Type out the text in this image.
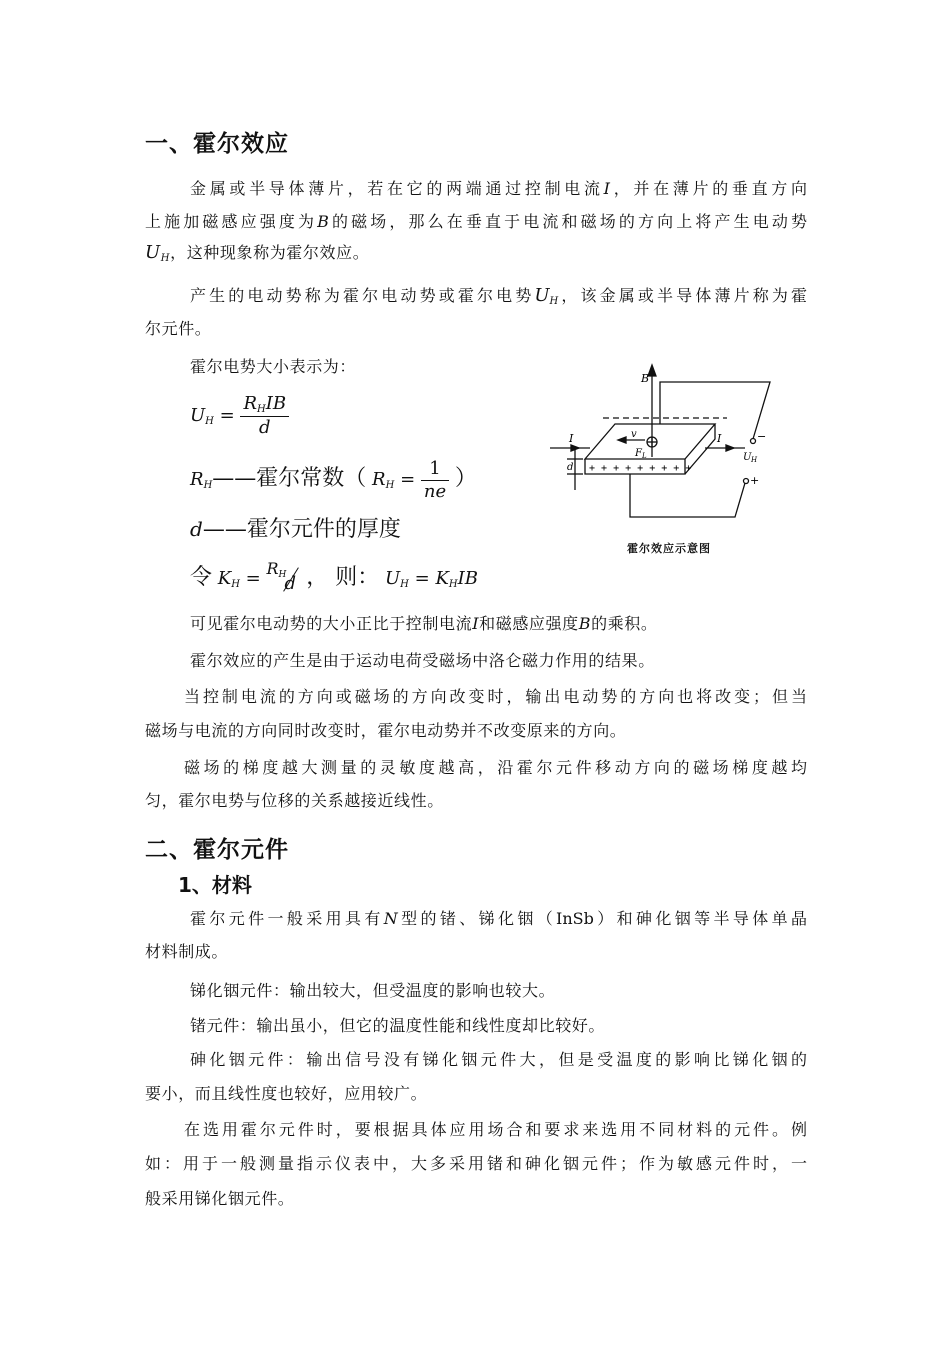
一、霍尔效应
金属或半导体薄片，若在它的两端通过控制电流I，并在薄片的垂直方向
上施加磁感应强度为B的磁场，那么在垂直于电流和磁场的方向上将产生电动势
$U_H$，这种现象称为霍尔效应。
产生的电动势称为霍尔电动势或霍尔电势$U_H$，该金属或半导体薄片称为霍
尔元件。
霍尔电势大小表示为：
$U_H = \frac{R_HIB}{d}$
$R_H——$霍尔常数（ $R_H = \frac{1}{ne}$ ）
d——霍尔元件的厚度
令 $K_H = R_H$
d ， 则： $U_H = K_HIB$
B
I	I
v
F L
d + + + + + + + + +
−
+
U H
霍尔效应示意图
可见霍尔电动势的大小正比于控制电流I和磁感应强度B的乘积。
霍尔效应的产生是由于运动电荷受磁场中洛仑磁力作用的结果。
当控制电流的方向或磁场的方向改变时，输出电动势的方向也将改变；但当
磁场与电流的方向同时改变时，霍尔电动势并不改变原来的方向。
磁场的梯度越大测量的灵敏度越高，沿霍尔元件移动方向的磁场梯度越均
匀，霍尔电势与位移的关系越接近线性。
二、霍尔元件
1、材料
霍尔元件一般采用具有N型的锗、锑化铟（InSb）和砷化铟等半导体单晶
材料制成。
锑化铟元件：输出较大，但受温度的影响也较大。
锗元件：输出虽小，但它的温度性能和线性度却比较好。
砷化铟元件：输出信号没有锑化铟元件大，但是受温度的影响比锑化铟的
要小，而且线性度也较好，应用较广。
在选用霍尔元件时，要根据具体应用场合和要求来选用不同材料的元件。例
如：用于一般测量指示仪表中，大多采用锗和砷化铟元件；作为敏感元件时，一
般采用锑化铟元件。
